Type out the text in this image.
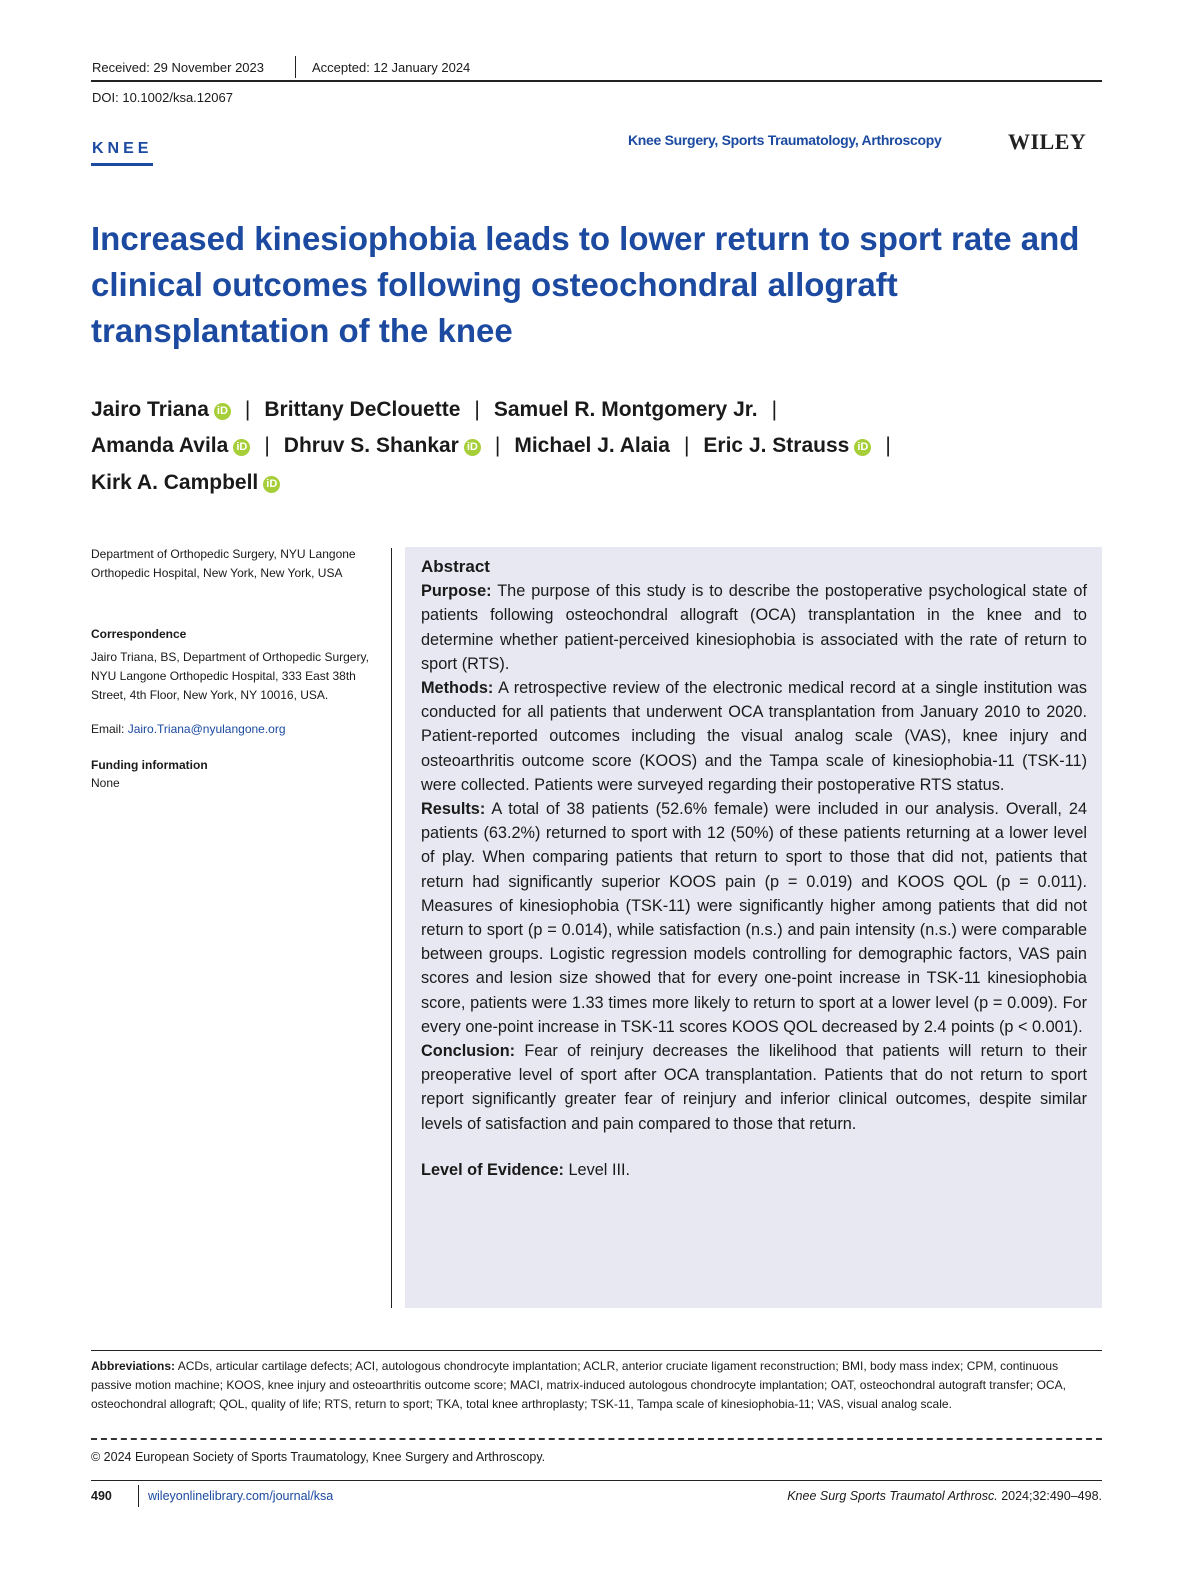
Received: 29 November 2023	Accepted: 12 January 2024
DOI: 10.1002/ksa.12067
KNEE	Knee Surgery, Sports Traumatology, Arthroscopy	WILEY
Increased kinesiophobia leads to lower return to sport rate and clinical outcomes following osteochondral allograft transplantation of the knee
Jairo Triana iD | Brittany DeClouette | Samuel R. Montgomery Jr. |
Amanda Avila iD | Dhruv S. Shankar iD | Michael J. Alaia | Eric J. Strauss iD |
Kirk A. Campbell iD
Department of Orthopedic Surgery, NYU Langone Orthopedic Hospital, New York, New York, USA
Correspondence
Jairo Triana, BS, Department of Orthopedic Surgery, NYU Langone Orthopedic Hospital, 333 East 38th Street, 4th Floor, New York, NY 10016, USA.
Email: Jairo.Triana@nyulangone.org
Funding information
None

Abstract

Purpose: The purpose of this study is to describe the postoperative psychological state of patients following osteochondral allograft (OCA) transplantation in the knee and to determine whether patient-perceived kinesiophobia is associated with the rate of return to sport (RTS).

Methods: A retrospective review of the electronic medical record at a single institution was conducted for all patients that underwent OCA transplantation from January 2010 to 2020. Patient-reported outcomes including the visual analog scale (VAS), knee injury and osteoarthritis outcome score (KOOS) and the Tampa scale of kinesiophobia-11 (TSK-11) were collected. Patients were surveyed regarding their postoperative RTS status.

Results: A total of 38 patients (52.6% female) were included in our analysis. Overall, 24 patients (63.2%) returned to sport with 12 (50%) of these patients returning at a lower level of play. When comparing patients that return to sport to those that did not, patients that return had significantly superior KOOS pain (p = 0.019) and KOOS QOL (p = 0.011). Measures of kinesiophobia (TSK-11) were significantly higher among patients that did not return to sport (p = 0.014), while satisfaction (n.s.) and pain intensity (n.s.) were comparable between groups. Logistic regression models controlling for demographic factors, VAS pain scores and lesion size showed that for every one-point increase in TSK-11 kinesiophobia score, patients were 1.33 times more likely to return to sport at a lower level (p = 0.009). For every one-point increase in TSK-11 scores KOOS QOL decreased by 2.4 points (p < 0.001).

Conclusion: Fear of reinjury decreases the likelihood that patients will return to their preoperative level of sport after OCA transplantation. Patients that do not return to sport report significantly greater fear of reinjury and inferior clinical outcomes, despite similar levels of satisfaction and pain compared to those that return.

Level of Evidence: Level III.

Abbreviations: ACDs, articular cartilage defects; ACI, autologous chondrocyte implantation; ACLR, anterior cruciate ligament reconstruction; BMI, body mass index; CPM, continuous passive motion machine; KOOS, knee injury and osteoarthritis outcome score; MACI, matrix-induced autologous chondrocyte implantation; OAT, osteochondral autograft transfer; OCA, osteochondral allograft; QOL, quality of life; RTS, return to sport; TKA, total knee arthroplasty; TSK-11, Tampa scale of kinesiophobia-11; VAS, visual analog scale.
© 2024 European Society of Sports Traumatology, Knee Surgery and Arthroscopy.
490	wileyonlinelibrary.com/journal/ksa	Knee Surg Sports Traumatol Arthrosc. 2024;32:490–498.
